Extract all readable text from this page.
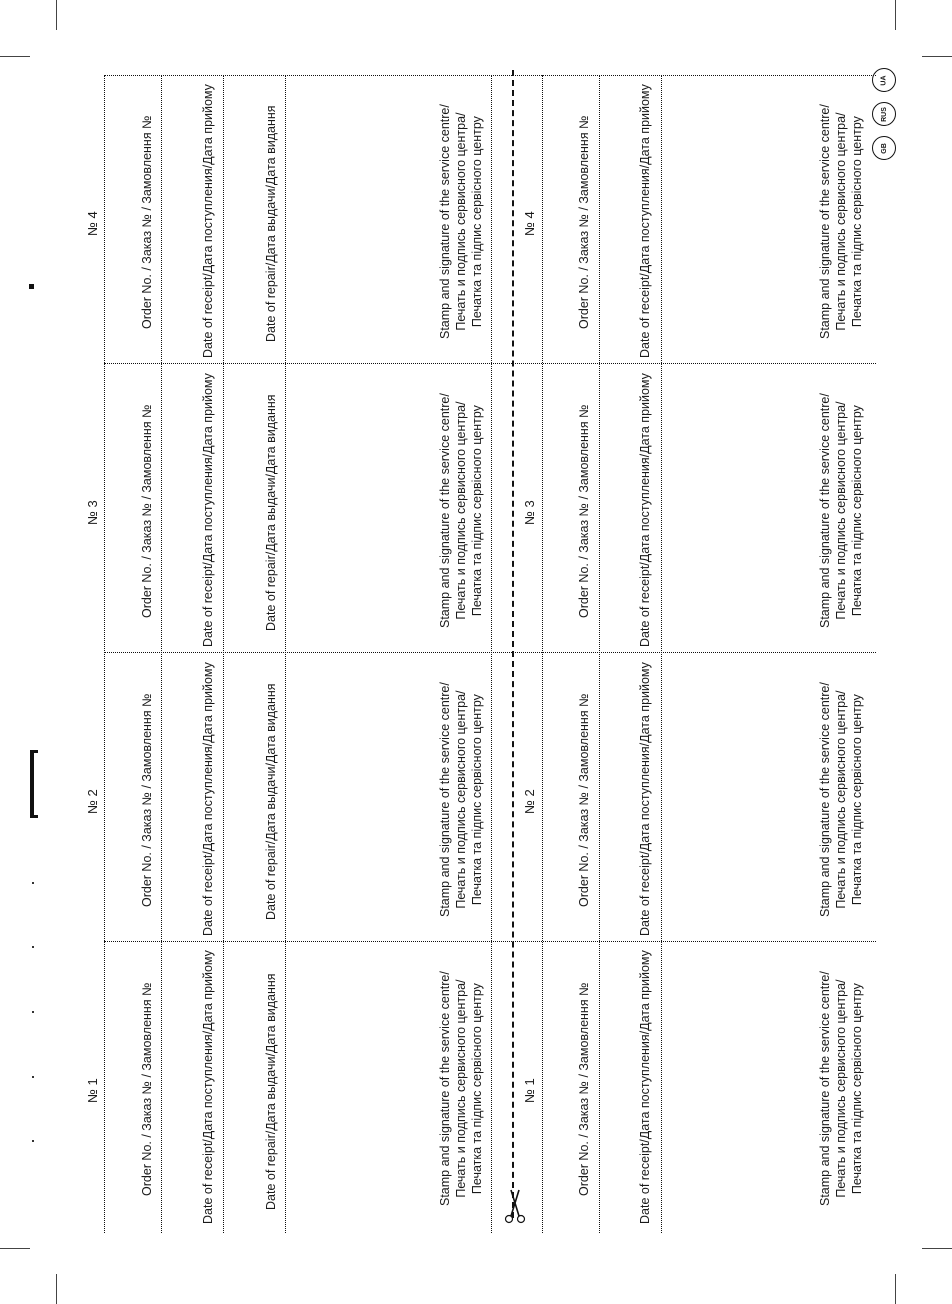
№ 1	Order No. / Заказ № / Замовлення №	Date of receipt/Дата поступления/Дата прийому	Date of repair/Дата выдачи/Дата видання	Stamp and signature of the service centre/ Печать и подпись сервисного центра/ Печатка та підпис сервісного центру
№ 2	Order No. / Заказ № / Замовлення №	Date of receipt/Дата поступления/Дата прийому	Date of repair/Дата выдачи/Дата видання	Stamp and signature of the service centre/ Печать и подпись сервисного центра/ Печатка та підпис сервісного центру
№ 3	Order No. / Заказ № / Замовлення №	Date of receipt/Дата поступления/Дата прийому	Date of repair/Дата выдачи/Дата видання	Stamp and signature of the service centre/ Печать и подпись сервисного центра/ Печатка та підпис сервісного центру
№ 4	Order No. / Заказ № / Замовлення №	Date of receipt/Дата поступления/Дата прийому	Date of repair/Дата выдачи/Дата видання	Stamp and signature of the service centre/ Печать и подпись сервисного центра/ Печатка та підпис сервісного центру
№ 1	Order No. / Заказ № / Замовлення №	Date of receipt/Дата поступления/Дата прийому	Stamp and signature of the service centre/ Печать и подпись сервисного центра/ Печатка та підпис сервісного центру
№ 2	Order No. / Заказ № / Замовлення №	Date of receipt/Дата поступления/Дата прийому	Stamp and signature of the service centre/ Печать и подпись сервисного центра/ Печатка та підпис сервісного центру
№ 3	Order No. / Заказ № / Замовлення №	Date of receipt/Дата поступления/Дата прийому	Stamp and signature of the service centre/ Печать и подпись сервисного центра/ Печатка та підпис сервісного центру
№ 4	Order No. / Заказ № / Замовлення №	Date of receipt/Дата поступления/Дата прийому	Stamp and signature of the service centre/ Печать и подпись сервисного центра/ Печатка та підпис сервісного центру
UA
RUS
GB
